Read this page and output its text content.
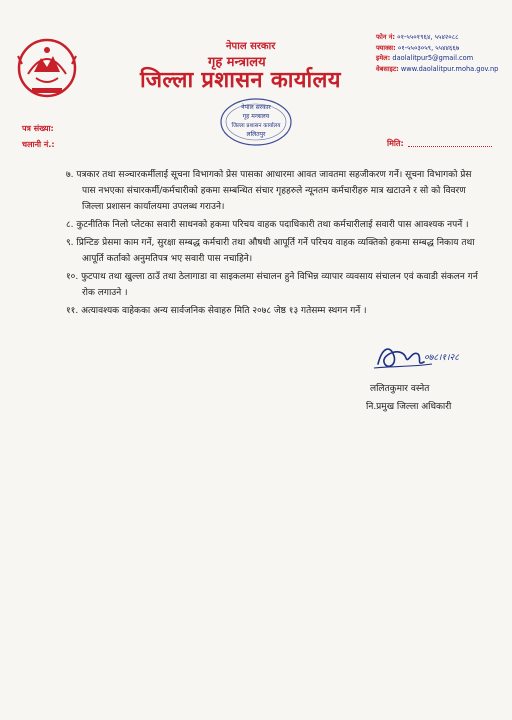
नेपाल सरकार
गृह मन्त्रालय
जिल्ला प्रशासन कार्यालय
फोन नं: ०१-५५०१९६४, ५५४२०८८
फ्याक्स: ०१-५५०३०५९, ५५४४६६७
इमेल: daolalitpur5@gmail.com
वेबसाइट: www.daolalitpur.moha.gov.np
नेपाल सरकार
गृह मन्त्रालय
जिल्ला प्रशासन कार्यालय
ललितपुर
पत्र संख्या:
चलानी नं.:	मिति:

७. पत्रकार तथा सञ्चारकर्मीलाई सूचना विभागको प्रेस पासका आधारमा आवत जावतमा सहजीकरण गर्ने। सूचना विभागको प्रेस पास नभएका संचारकर्मी/कर्मचारीको हकमा सम्बन्धित संचार गृहहरुले न्यूनतम कर्मचारीहरु मात्र खटाउने र सो को विवरण जिल्ला प्रशासन कार्यालयमा उपलब्ध गराउने।

८. कुटनीतिक निलो प्लेटका सवारी साधनको हकमा परिचय वाहक पदाधिकारी तथा कर्मचारीलाई सवारी पास आवश्यक नपर्ने ।

९. प्रिन्टिङ प्रेसमा काम गर्ने, सुरक्षा सम्बद्ध कर्मचारी तथा औषधी आपूर्ति गर्ने परिचय वाहक व्यक्तिको हकमा सम्बद्ध निकाय तथा आपूर्ति कर्ताको अनुमतिपत्र भए सवारी पास नचाहिने।

१०. फुटपाथ तथा खुल्ला ठाउँ तथा ठेलागाडा वा साइकलमा संचालन हुने विभिन्न व्यापार व्यवसाय संचालन एवं कवाडी संकलन गर्न रोक लगाउने ।

११. अत्यावश्यक वाहेकका अन्य सार्वजनिक सेवाहरु मिति २०७८ जेष्ठ १३ गतेसम्म स्थगन गर्ने ।

०७८।१।२८
ललितकुमार वस्नेत
नि.प्रमुख जिल्ला अधिकारी
